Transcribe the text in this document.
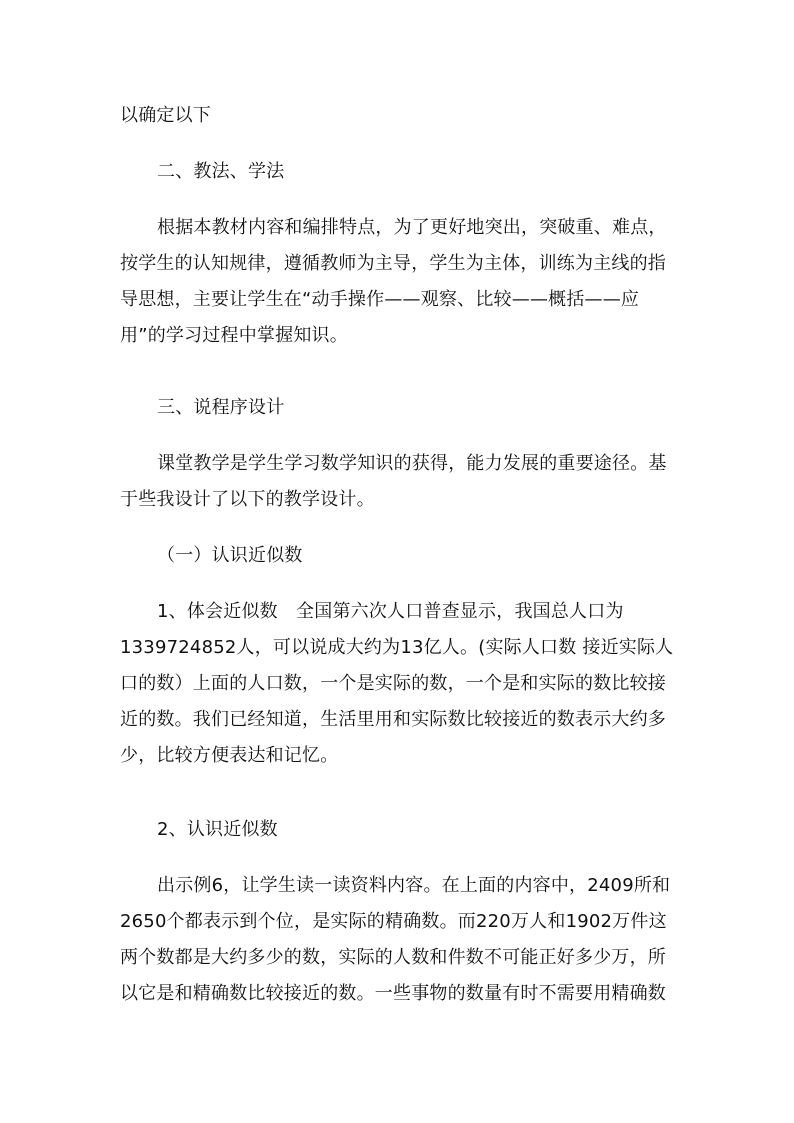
以确定以下
二、教法、学法
根据本教材内容和编排特点，为了更好地突出，突破重、难点，
按学生的认知规律，遵循教师为主导，学生为主体，训练为主线的指
导思想，主要让学生在“动手操作——观察、比较——概括——应
用”的学习过程中掌握知识。
三、说程序设计
课堂教学是学生学习数学知识的获得，能力发展的重要途径。基
于些我设计了以下的教学设计。
（一）认识近似数
1、体会近似数　全国第六次人口普查显示，我国总人口为
1339724852人，可以说成大约为13亿人。(实际人口数 接近实际人
口的数）上面的人口数，一个是实际的数，一个是和实际的数比较接
近的数。我们已经知道，生活里用和实际数比较接近的数表示大约多
少，比较方便表达和记忆。
2、认识近似数
出示例6，让学生读一读资料内容。在上面的内容中，2409所和
2650个都表示到个位，是实际的精确数。而220万人和1902万件这
两个数都是大约多少的数，实际的人数和件数不可能正好多少万，所
以它是和精确数比较接近的数。一些事物的数量有时不需要用精确数
